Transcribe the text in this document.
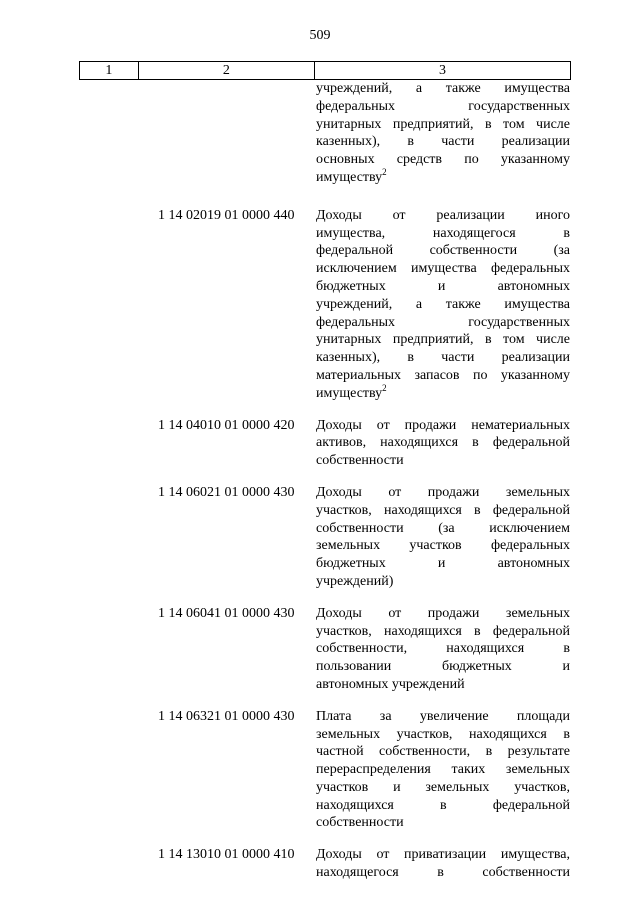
509
1	2	3
учреждений, а также имущества
федеральных государственных
унитарных предприятий, в том числе
казенных), в части реализации
основных средств по указанному
имуществу$^2$
1 14 02019 01 0000 440 Доходы от реализации иного
имущества, находящегося в
федеральной собственности (за
исключением имущества федеральных
бюджетных и автономных
учреждений, а также имущества
федеральных государственных
унитарных предприятий, в том числе
казенных), в части реализации
материальных запасов по указанному
имуществу$^2$
1 14 04010 01 0000 420 Доходы от продажи нематериальных
активов, находящихся в федеральной
собственности
1 14 06021 01 0000 430 Доходы от продажи земельных
участков, находящихся в федеральной
собственности (за исключением
земельных участков федеральных
бюджетных и автономных
учреждений)
1 14 06041 01 0000 430 Доходы от продажи земельных
участков, находящихся в федеральной
собственности, находящихся в
пользовании бюджетных и
автономных учреждений
1 14 06321 01 0000 430 Плата за увеличение площади
земельных участков, находящихся в
частной собственности, в результате
перераспределения таких земельных
участков и земельных участков,
находящихся в федеральной
собственности
1 14 13010 01 0000 410 Доходы от приватизации имущества,
находящегося в собственности
